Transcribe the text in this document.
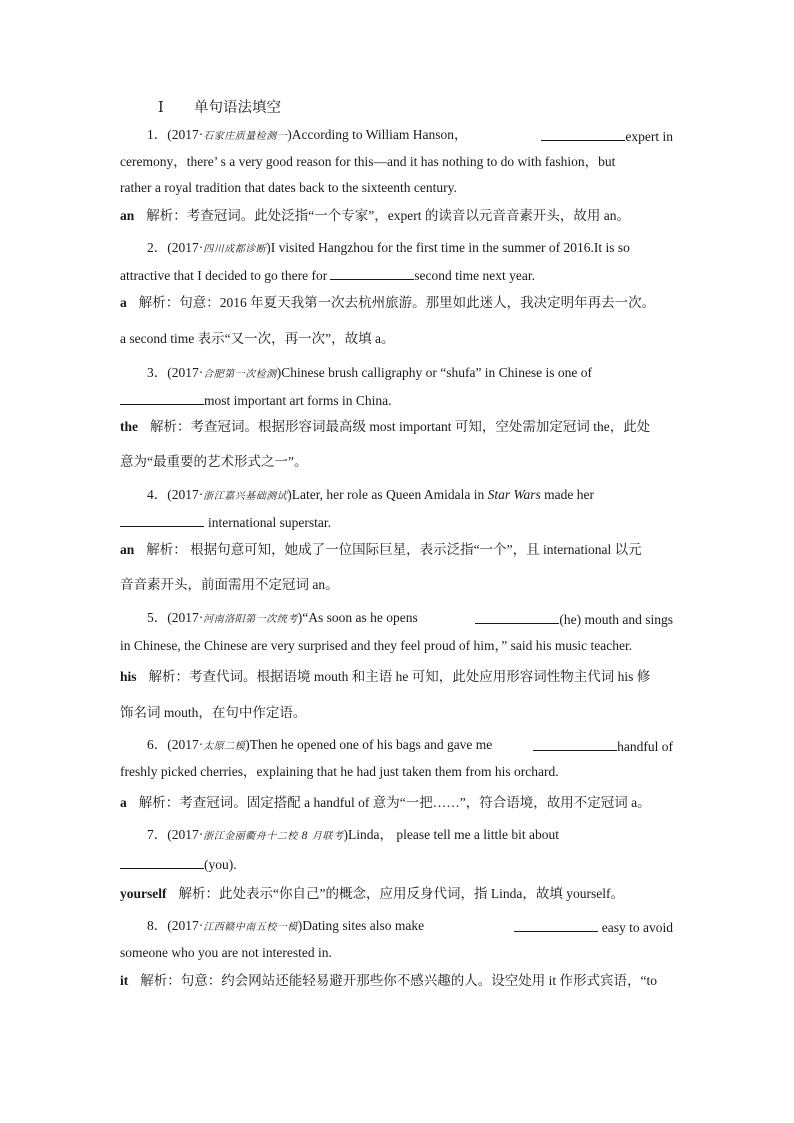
Ⅰ 单句语法填空
1．(2017·石家庄质量检测一)According to William Hanson，	expert in
ceremony，there’ s a very good reason for this—and it has nothing to do with fashion，but
rather a royal tradition that dates back to the sixteenth century.
an 解析：考查冠词。此处泛指“一个专家”，expert 的读音以元音音素开头，故用 an。
2．(2017·四川成都诊断)I visited Hangzhou for the first time in the summer of 2016.It is so
attractive that I decided to go there for	second time next year.
a 解析：句意：2016 年夏天我第一次去杭州旅游。那里如此迷人，我决定明年再去一次。
a second time 表示“又一次，再一次”，故填 a。
3．(2017·合肥第一次检测)Chinese brush calligraphy or “shufa” in Chinese is one of
most important art forms in China.
the 解析：考查冠词。根据形容词最高级 most important 可知，空处需加定冠词 the，此处
意为“最重要的艺术形式之一”。
4．(2017·浙江嘉兴基础测试)Later, her role as Queen Amidala in Star Wars made her
international superstar.
an 解析： 根据句意可知，她成了一位国际巨星，表示泛指“一个”，且 international 以元
音音素开头，前面需用不定冠词 an。
5．(2017·河南洛阳第一次统考)“As soon as he opens	(he) mouth and sings
in Chinese, the Chinese are very surprised and they feel proud of him，” said his music teacher.
his 解析：考查代词。根据语境 mouth 和主语 he 可知，此处应用形容词性物主代词 his 修
饰名词 mouth，在句中作定语。
6．(2017·太原二模)Then he opened one of his bags and gave me	handful of
freshly picked cherries，explaining that he had just taken them from his orchard.
a 解析：考查冠词。固定搭配 a handful of 意为“一把……”，符合语境，故用不定冠词 a。
7．(2017·浙江金丽衢舟十二校 8 月联考)Linda， please tell me a little bit about
(you).
yourself 解析：此处表示“你自己”的概念，应用反身代词，指 Linda，故填 yourself。
8．(2017·江西赣中南五校一模)Dating sites also make	easy to avoid
someone who you are not interested in.
it 解析：句意：约会网站还能轻易避开那些你不感兴趣的人。设空处用 it 作形式宾语，“to
